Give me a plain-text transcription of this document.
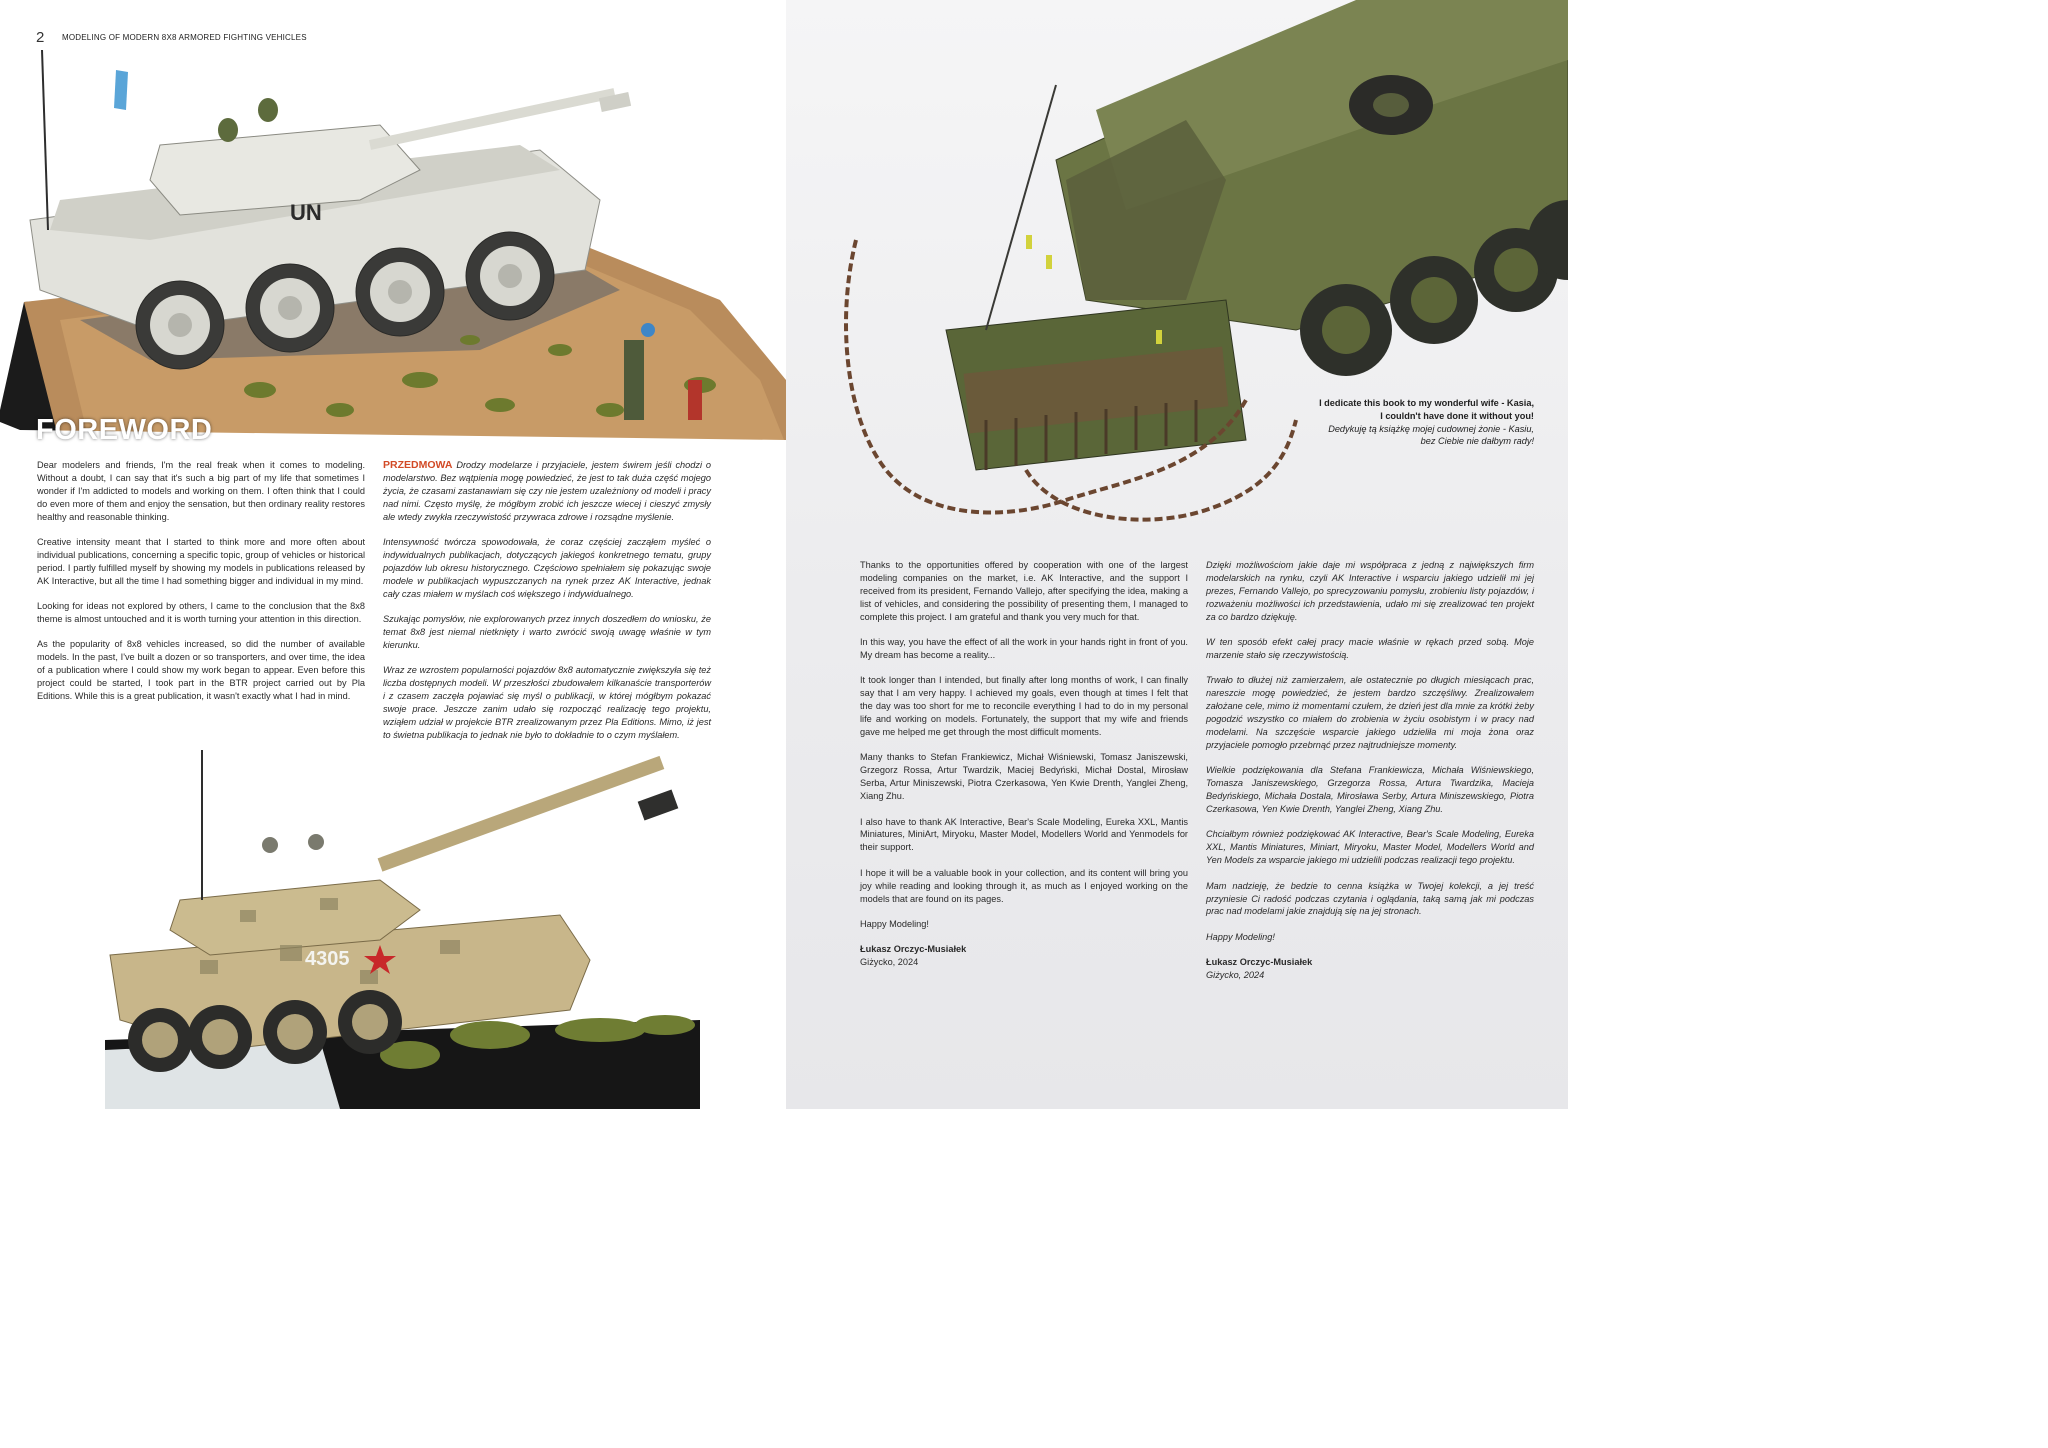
2 MODELING OF MODERN 8X8 ARMORED FIGHTING VEHICLES
UN
FOREWORD

Dear modelers and friends, I'm the real freak when it comes to modeling. Without a doubt, I can say that it's such a big part of my life that sometimes I wonder if I'm addicted to models and working on them. I often think that I could do even more of them and enjoy the sensation, but then ordinary reality restores healthy and reasonable thinking.

Creative intensity meant that I started to think more and more often about individual publications, concerning a specific topic, group of vehicles or historical period. I partly fulfilled myself by showing my models in publications released by AK Interactive, but all the time I had something bigger and individual in my mind.

Looking for ideas not explored by others, I came to the conclusion that the 8x8 theme is almost untouched and it is worth turning your attention in this direction.

As the popularity of 8x8 vehicles increased, so did the number of available models. In the past, I've built a dozen or so transporters, and over time, the idea of a publication where I could show my work began to appear. Even before this project could be started, I took part in the BTR project carried out by Pla Editions. While this is a great publication, it wasn't exactly what I had in mind.

PRZEDMOWA Drodzy modelarze i przyjaciele, jestem świrem jeśli chodzi o modelarstwo. Bez wątpienia mogę powiedzieć, że jest to tak duża część mojego życia, że czasami zastanawiam się czy nie jestem uzależniony od modeli i pracy nad nimi. Często myślę, że mógłbym zrobić ich jeszcze wiecej i cieszyć zmysły ale wtedy zwykła rzeczywistość przywraca zdrowe i rozsądne myślenie.

Intensywność twórcza spowodowała, że coraz częściej zacząłem myśleć o indywidualnych publikacjach, dotyczących jakiegoś konkretnego tematu, grupy pojazdów lub okresu historycznego. Częściowo spełniałem się pokazując swoje modele w publikacjach wypuszczanych na rynek przez AK Interactive, jednak cały czas miałem w myślach coś większego i indywidualnego.

Szukając pomysłów, nie explorowanych przez innych doszedłem do wniosku, że temat 8x8 jest niemal nietknięty i warto zwrócić swoją uwagę właśnie w tym kierunku.

Wraz ze wzrostem popularności pojazdów 8x8 automatycznie zwiększyła się też liczba dostępnych modeli. W przeszłości zbudowałem kilkanaście transporterów i z czasem zaczęła pojawiać się myśl o publikacji, w której mógłbym pokazać swoje prace. Jeszcze zanim udało się rozpocząć realizację tego projektu, wziąłem udział w projekcie BTR zrealizowanym przez Pla Editions. Mimo, iż jest to świetna publikacja to jednak nie było to dokładnie to o czym myślałem.

4305
I dedicate this book to my wonderful wife - Kasia,
I couldn't have done it without you!
Dedykuję tą książkę mojej cudownej żonie - Kasiu,
bez Ciebie nie dałbym rady!

Thanks to the opportunities offered by cooperation with one of the largest modeling companies on the market, i.e. AK Interactive, and the support I received from its president, Fernando Vallejo, after specifying the idea, making a list of vehicles, and considering the possibility of presenting them, I managed to complete this project. I am grateful and thank you very much for that.

In this way, you have the effect of all the work in your hands right in front of you. My dream has become a reality...

It took longer than I intended, but finally after long months of work, I can finally say that I am very happy. I achieved my goals, even though at times I felt that the day was too short for me to reconcile everything I had to do in my personal life and working on models. Fortunately, the support that my wife and friends gave me helped me get through the most difficult moments.

Many thanks to Stefan Frankiewicz, Michał Wiśniewski, Tomasz Janiszewski, Grzegorz Rossa, Artur Twardzik, Maciej Bedyński, Michał Dostal, Mirosław Serba, Artur Miniszewski, Piotra Czerkasowa, Yen Kwie Drenth, Yanglei Zheng, Xiang Zhu.

I also have to thank AK Interactive, Bear's Scale Modeling, Eureka XXL, Mantis Miniatures, MiniArt, Miryoku, Master Model, Modellers World and Yenmodels for their support.

I hope it will be a valuable book in your collection, and its content will bring you joy while reading and looking through it, as much as I enjoyed working on the models that are found on its pages.

Happy Modeling!

Łukasz Orczyc-Musiałek
Giżycko, 2024

Dzięki możliwościom jakie daje mi współpraca z jedną z największych firm modelarskich na rynku, czyli AK Interactive i wsparciu jakiego udzielił mi jej prezes, Fernando Vallejo, po sprecyzowaniu pomysłu, zrobieniu listy pojazdów, i rozważeniu możliwości ich przedstawienia, udało mi się zrealizować ten projekt za co bardzo dziękuję.

W ten sposób efekt całej pracy macie właśnie w rękach przed sobą. Moje marzenie stało się rzeczywistością.

Trwało to dłużej niż zamierzałem, ale ostatecznie po długich miesiącach prac, nareszcie mogę powiedzieć, że jestem bardzo szczęśliwy. Zrealizowałem założane cele, mimo iż momentami czułem, że dzień jest dla mnie za krótki żeby pogodzić wszystko co miałem do zrobienia w życiu osobistym i w pracy nad modelami. Na szczęście wsparcie jakiego udzieliła mi moja żona oraz przyjaciele pomogło przebrnąć przez najtrudniejsze momenty.

Wielkie podziękowania dla Stefana Frankiewicza, Michała Wiśniewskiego, Tomasza Janiszewskiego, Grzegorza Rossa, Artura Twardzika, Macieja Bedyńskiego, Michała Dostala, Mirosława Serby, Artura Miniszewskiego, Piotra Czerkasowa, Yen Kwie Drenth, Yanglei Zheng, Xiang Zhu.

Chciałbym również podziękować AK Interactive, Bear's Scale Modeling, Eureka XXL, Mantis Miniatures, Miniart, Miryoku, Master Model, Modellers World and Yen Models za wsparcie jakiego mi udzielili podczas realizacji tego projektu.

Mam nadzieję, że bedzie to cenna książka w Twojej kolekcji, a jej treść przyniesie Ci radość podczas czytania i oglądania, taką samą jak mi podczas prac nad modelami jakie znajdują się na jej stronach.

Happy Modeling!

Łukasz Orczyc-Musiałek
Giżycko, 2024
